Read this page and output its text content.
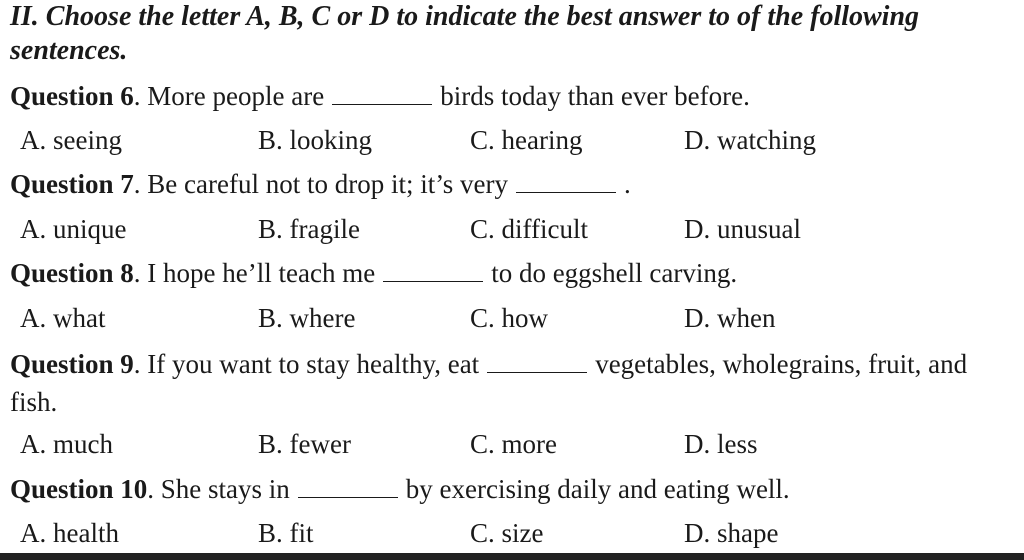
II. Choose the letter A, B, C or D to indicate the best answer to of the following sentences.
Question 6. More people are	birds today than ever before.
A. seeing	B. looking	C. hearing	D. watching
Question 7. Be careful not to drop it; it’s very	.
A. unique	B. fragile	C. difficult	D. unusual
Question 8. I hope he’ll teach me	to do eggshell carving.
A. what	B. where	C. how	D. when
Question 9. If you want to stay healthy, eat	vegetables, wholegrains, fruit, and fish.
A. much	B. fewer	C. more	D. less
Question 10. She stays in	by exercising daily and eating well.
A. health	B. fit	C. size	D. shape
